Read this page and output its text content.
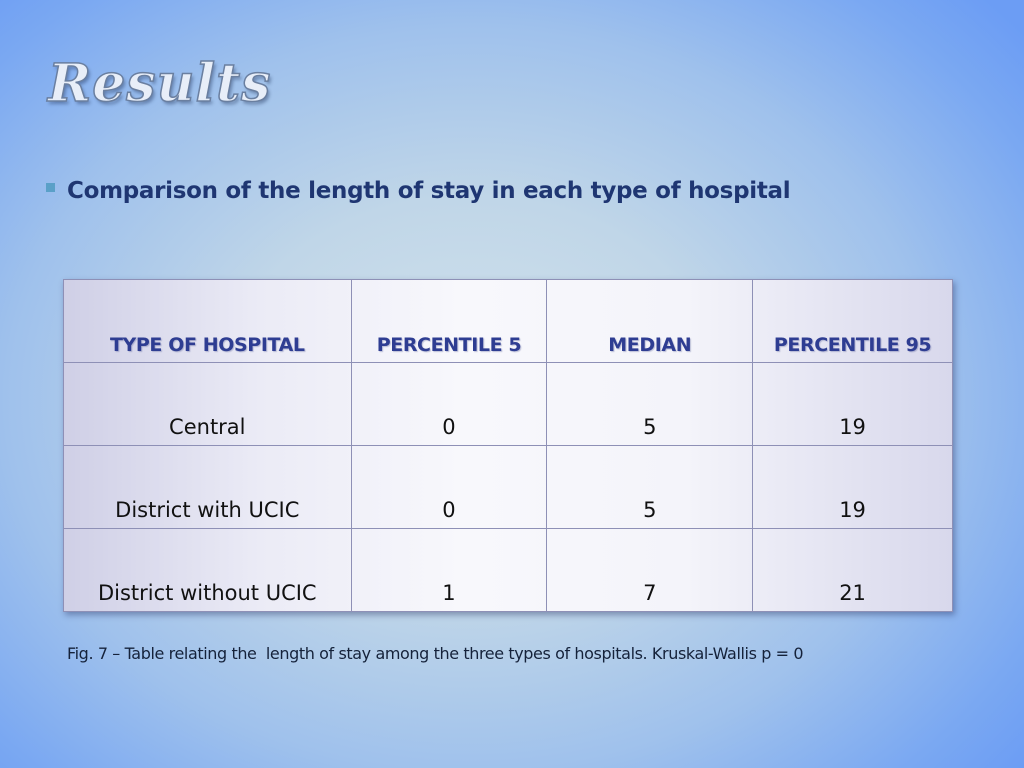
Results
Comparison of the length of stay in each type of hospital
TYPE OF HOSPITAL	PERCENTILE 5	MEDIAN	PERCENTILE 95
Central	0	5	19
District with UCIC	0	5	19
District without UCIC	1	7	21

Fig. 7 – Table relating the  length of stay among the three types of hospitals. Kruskal-Wallis p = 0
